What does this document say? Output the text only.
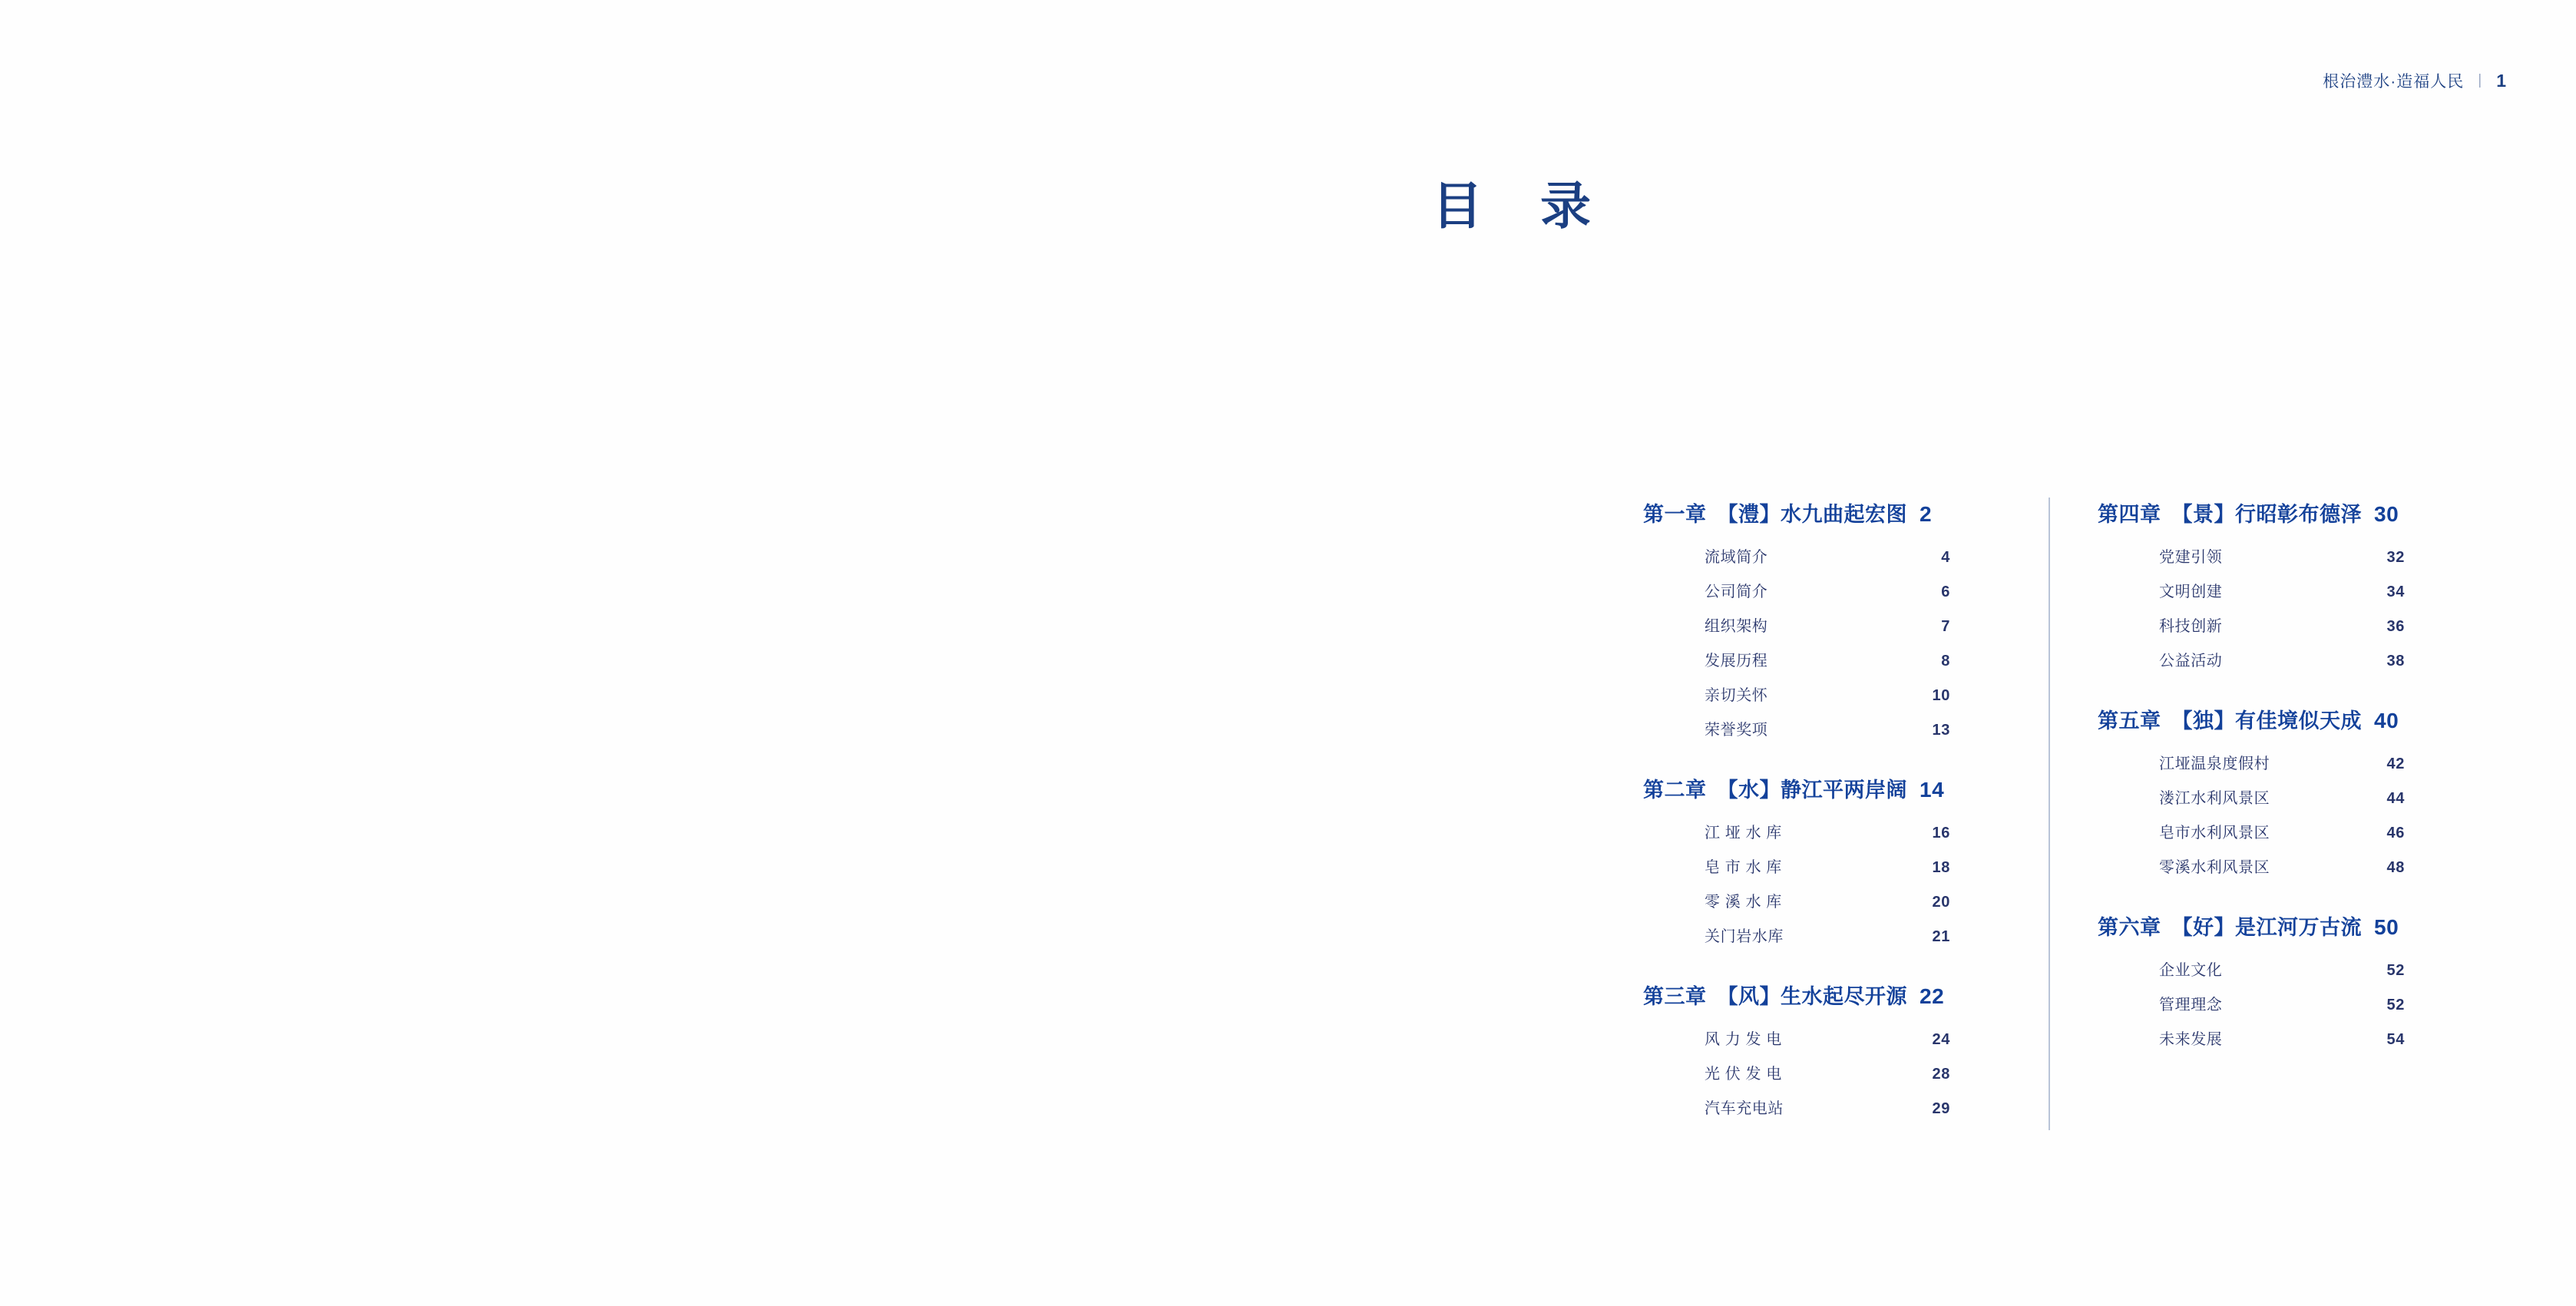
根治澧水·造福人民 | 1
目 录
第一章 【澧】水九曲起宏图 2
流域简介	4
公司简介	6
组织架构	7
发展历程	8
亲切关怀	10
荣誉奖项	13
第二章 【水】静江平两岸阔 14
江 垭 水 库	16
皂 市 水 库	18
零 溪 水 库	20
关门岩水库	21
第三章 【风】生水起尽开源 22
风 力 发 电	24
光 伏 发 电	28
汽车充电站	29
第四章 【景】行昭彰布德泽 30
党建引领	32
文明创建	34
科技创新	36
公益活动	38
第五章 【独】有佳境似天成 40
江垭温泉度假村	42
溇江水利风景区	44
皂市水利风景区	46
零溪水利风景区	48
第六章 【好】是江河万古流 50
企业文化	52
管理理念	52
未来发展	54
